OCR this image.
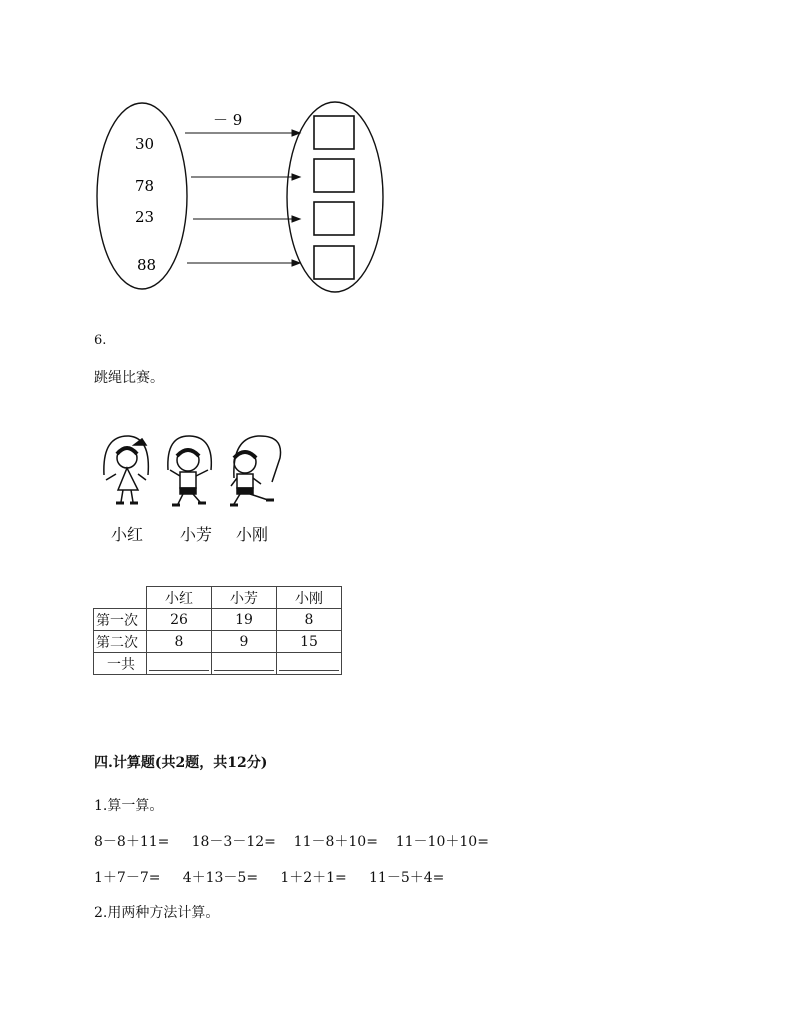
－ 9
30
78
23
88
6.
跳绳比赛。
小红 小芳 小刚
	小红	小芳	小刚
第一次	26	19	8
第二次	8	9	15
一共	

四.计算题(共2题，共12分)
1.算一算。
8－8＋11=     18－3－12=    11－8＋10=    11－10＋10=
1＋7－7=     4＋13－5=     1＋2＋1=     11－5＋4=
2.用两种方法计算。
